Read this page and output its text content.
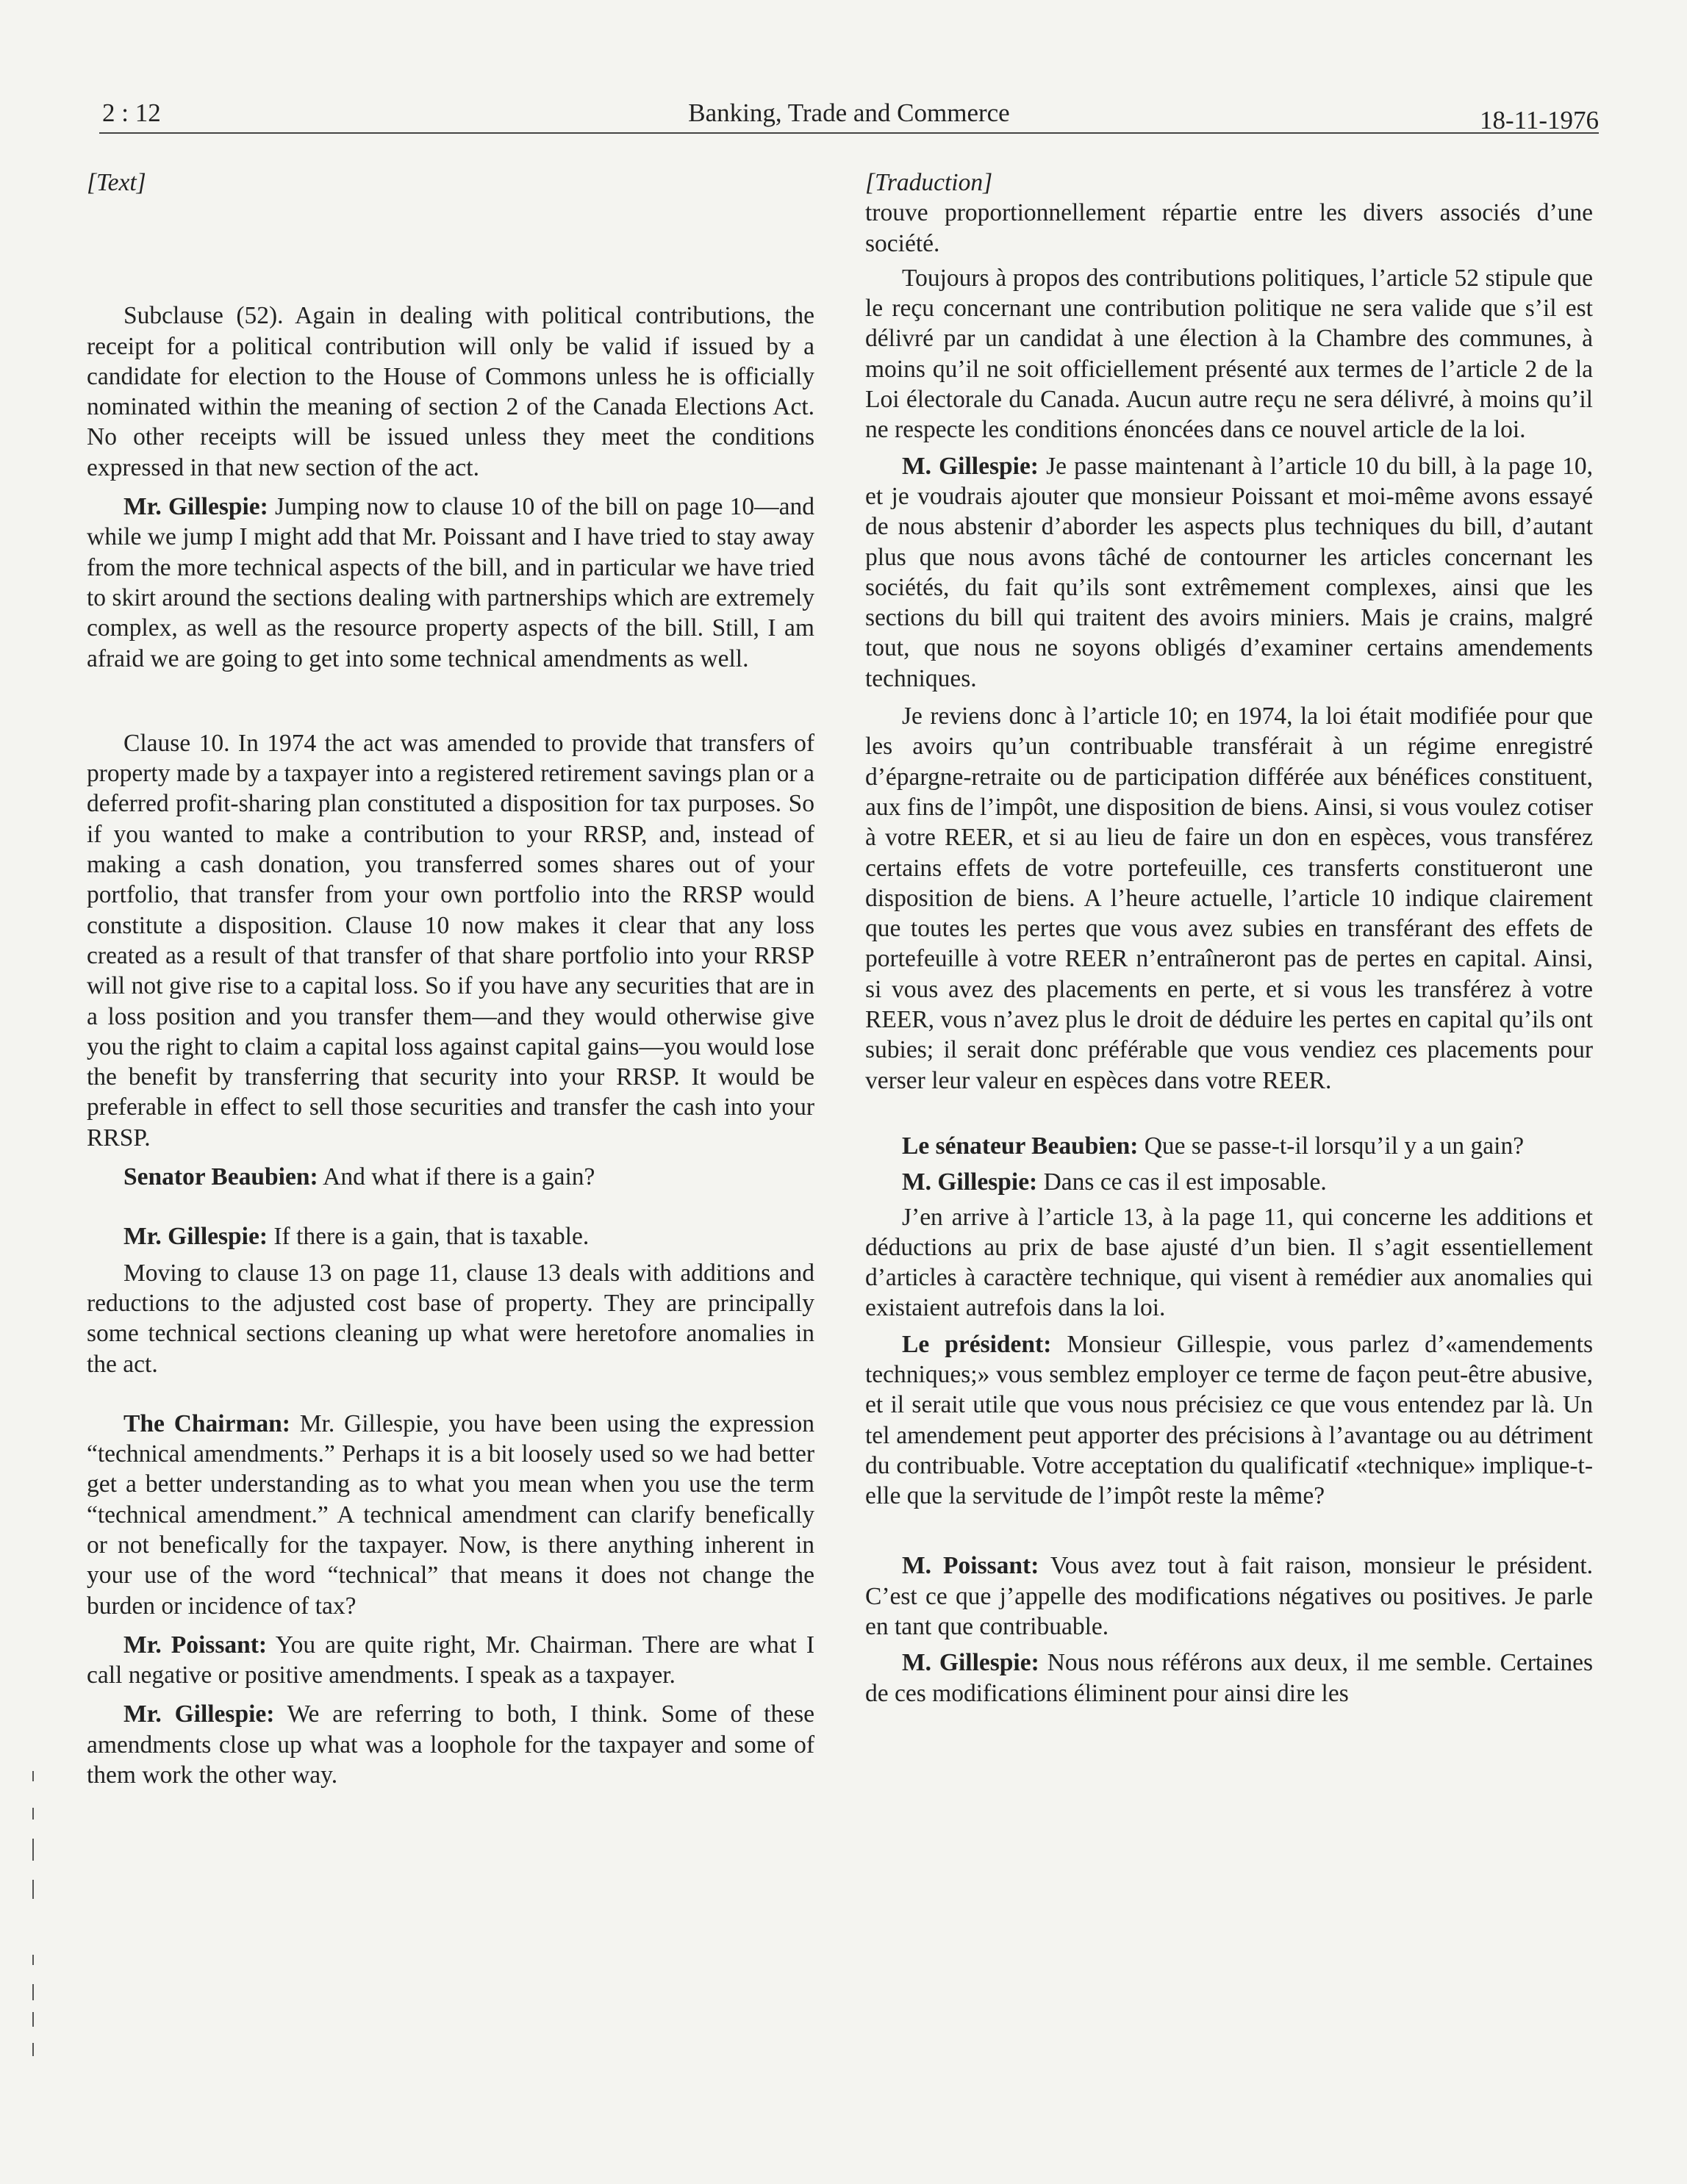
2 : 12	Banking, Trade and Commerce	18-11-1976

[Text]

Subclause (52). Again in dealing with political contributions, the receipt for a political contribution will only be valid if issued by a candidate for election to the House of Commons unless he is officially nominated within the meaning of section 2 of the Canada Elections Act. No other receipts will be issued unless they meet the conditions expressed in that new section of the act.

Mr. Gillespie: Jumping now to clause 10 of the bill on page 10—and while we jump I might add that Mr. Poissant and I have tried to stay away from the more technical aspects of the bill, and in particular we have tried to skirt around the sections dealing with partnerships which are extremely complex, as well as the resource property aspects of the bill. Still, I am afraid we are going to get into some technical amendments as well.

Clause 10. In 1974 the act was amended to provide that transfers of property made by a taxpayer into a registered retirement savings plan or a deferred profit-sharing plan constituted a disposition for tax purposes. So if you wanted to make a contribution to your RRSP, and, instead of making a cash donation, you transferred somes shares out of your portfolio, that transfer from your own portfolio into the RRSP would constitute a disposition. Clause 10 now makes it clear that any loss created as a result of that transfer of that share portfolio into your RRSP will not give rise to a capital loss. So if you have any securities that are in a loss position and you transfer them—and they would otherwise give you the right to claim a capital loss against capital gains—you would lose the benefit by transferring that security into your RRSP. It would be preferable in effect to sell those securities and transfer the cash into your RRSP.

Senator Beaubien: And what if there is a gain?

Mr. Gillespie: If there is a gain, that is taxable.

Moving to clause 13 on page 11, clause 13 deals with additions and reductions to the adjusted cost base of property. They are principally some technical sections cleaning up what were heretofore anomalies in the act.

The Chairman: Mr. Gillespie, you have been using the expression “technical amendments.” Perhaps it is a bit loosely used so we had better get a better understanding as to what you mean when you use the term “technical amendment.” A technical amendment can clarify benefically or not benefically for the taxpayer. Now, is there anything inherent in your use of the word “technical” that means it does not change the burden or incidence of tax?

Mr. Poissant: You are quite right, Mr. Chairman. There are what I call negative or positive amendments. I speak as a taxpayer.

Mr. Gillespie: We are referring to both, I think. Some of these amendments close up what was a loophole for the taxpayer and some of them work the other way.

[Traduction]

trouve proportionnellement répartie entre les divers associés d’une société.

Toujours à propos des contributions politiques, l’article 52 stipule que le reçu concernant une contribution politique ne sera valide que s’il est délivré par un candidat à une élection à la Chambre des communes, à moins qu’il ne soit officiellement présenté aux termes de l’article 2 de la Loi électorale du Canada. Aucun autre reçu ne sera délivré, à moins qu’il ne respecte les conditions énoncées dans ce nouvel article de la loi.

M. Gillespie: Je passe maintenant à l’article 10 du bill, à la page 10, et je voudrais ajouter que monsieur Poissant et moi-même avons essayé de nous abstenir d’aborder les aspects plus techniques du bill, d’autant plus que nous avons tâché de contourner les articles concernant les sociétés, du fait qu’ils sont extrêmement complexes, ainsi que les sections du bill qui traitent des avoirs miniers. Mais je crains, malgré tout, que nous ne soyons obligés d’examiner certains amendements techniques.

Je reviens donc à l’article 10; en 1974, la loi était modifiée pour que les avoirs qu’un contribuable transférait à un régime enregistré d’épargne-retraite ou de participation différée aux bénéfices constituent, aux fins de l’impôt, une disposition de biens. Ainsi, si vous voulez cotiser à votre REER, et si au lieu de faire un don en espèces, vous transférez certains effets de votre portefeuille, ces transferts constitueront une disposition de biens. A l’heure actuelle, l’article 10 indique clairement que toutes les pertes que vous avez subies en transférant des effets de portefeuille à votre REER n’entraîneront pas de pertes en capital. Ainsi, si vous avez des placements en perte, et si vous les transférez à votre REER, vous n’avez plus le droit de déduire les pertes en capital qu’ils ont subies; il serait donc préférable que vous vendiez ces placements pour verser leur valeur en espèces dans votre REER.

Le sénateur Beaubien: Que se passe-t-il lorsqu’il y a un gain?

M. Gillespie: Dans ce cas il est imposable.

J’en arrive à l’article 13, à la page 11, qui concerne les additions et déductions au prix de base ajusté d’un bien. Il s’agit essentiellement d’articles à caractère technique, qui visent à remédier aux anomalies qui existaient autrefois dans la loi.

Le président: Monsieur Gillespie, vous parlez d’«amendements techniques;» vous semblez employer ce terme de façon peut-être abusive, et il serait utile que vous nous précisiez ce que vous entendez par là. Un tel amendement peut apporter des précisions à l’avantage ou au détriment du contribuable. Votre acceptation du qualificatif «technique» implique-t-elle que la servitude de l’impôt reste la même?

M. Poissant: Vous avez tout à fait raison, monsieur le président. C’est ce que j’appelle des modifications négatives ou positives. Je parle en tant que contribuable.

M. Gillespie: Nous nous référons aux deux, il me semble. Certaines de ces modifications éliminent pour ainsi dire les
